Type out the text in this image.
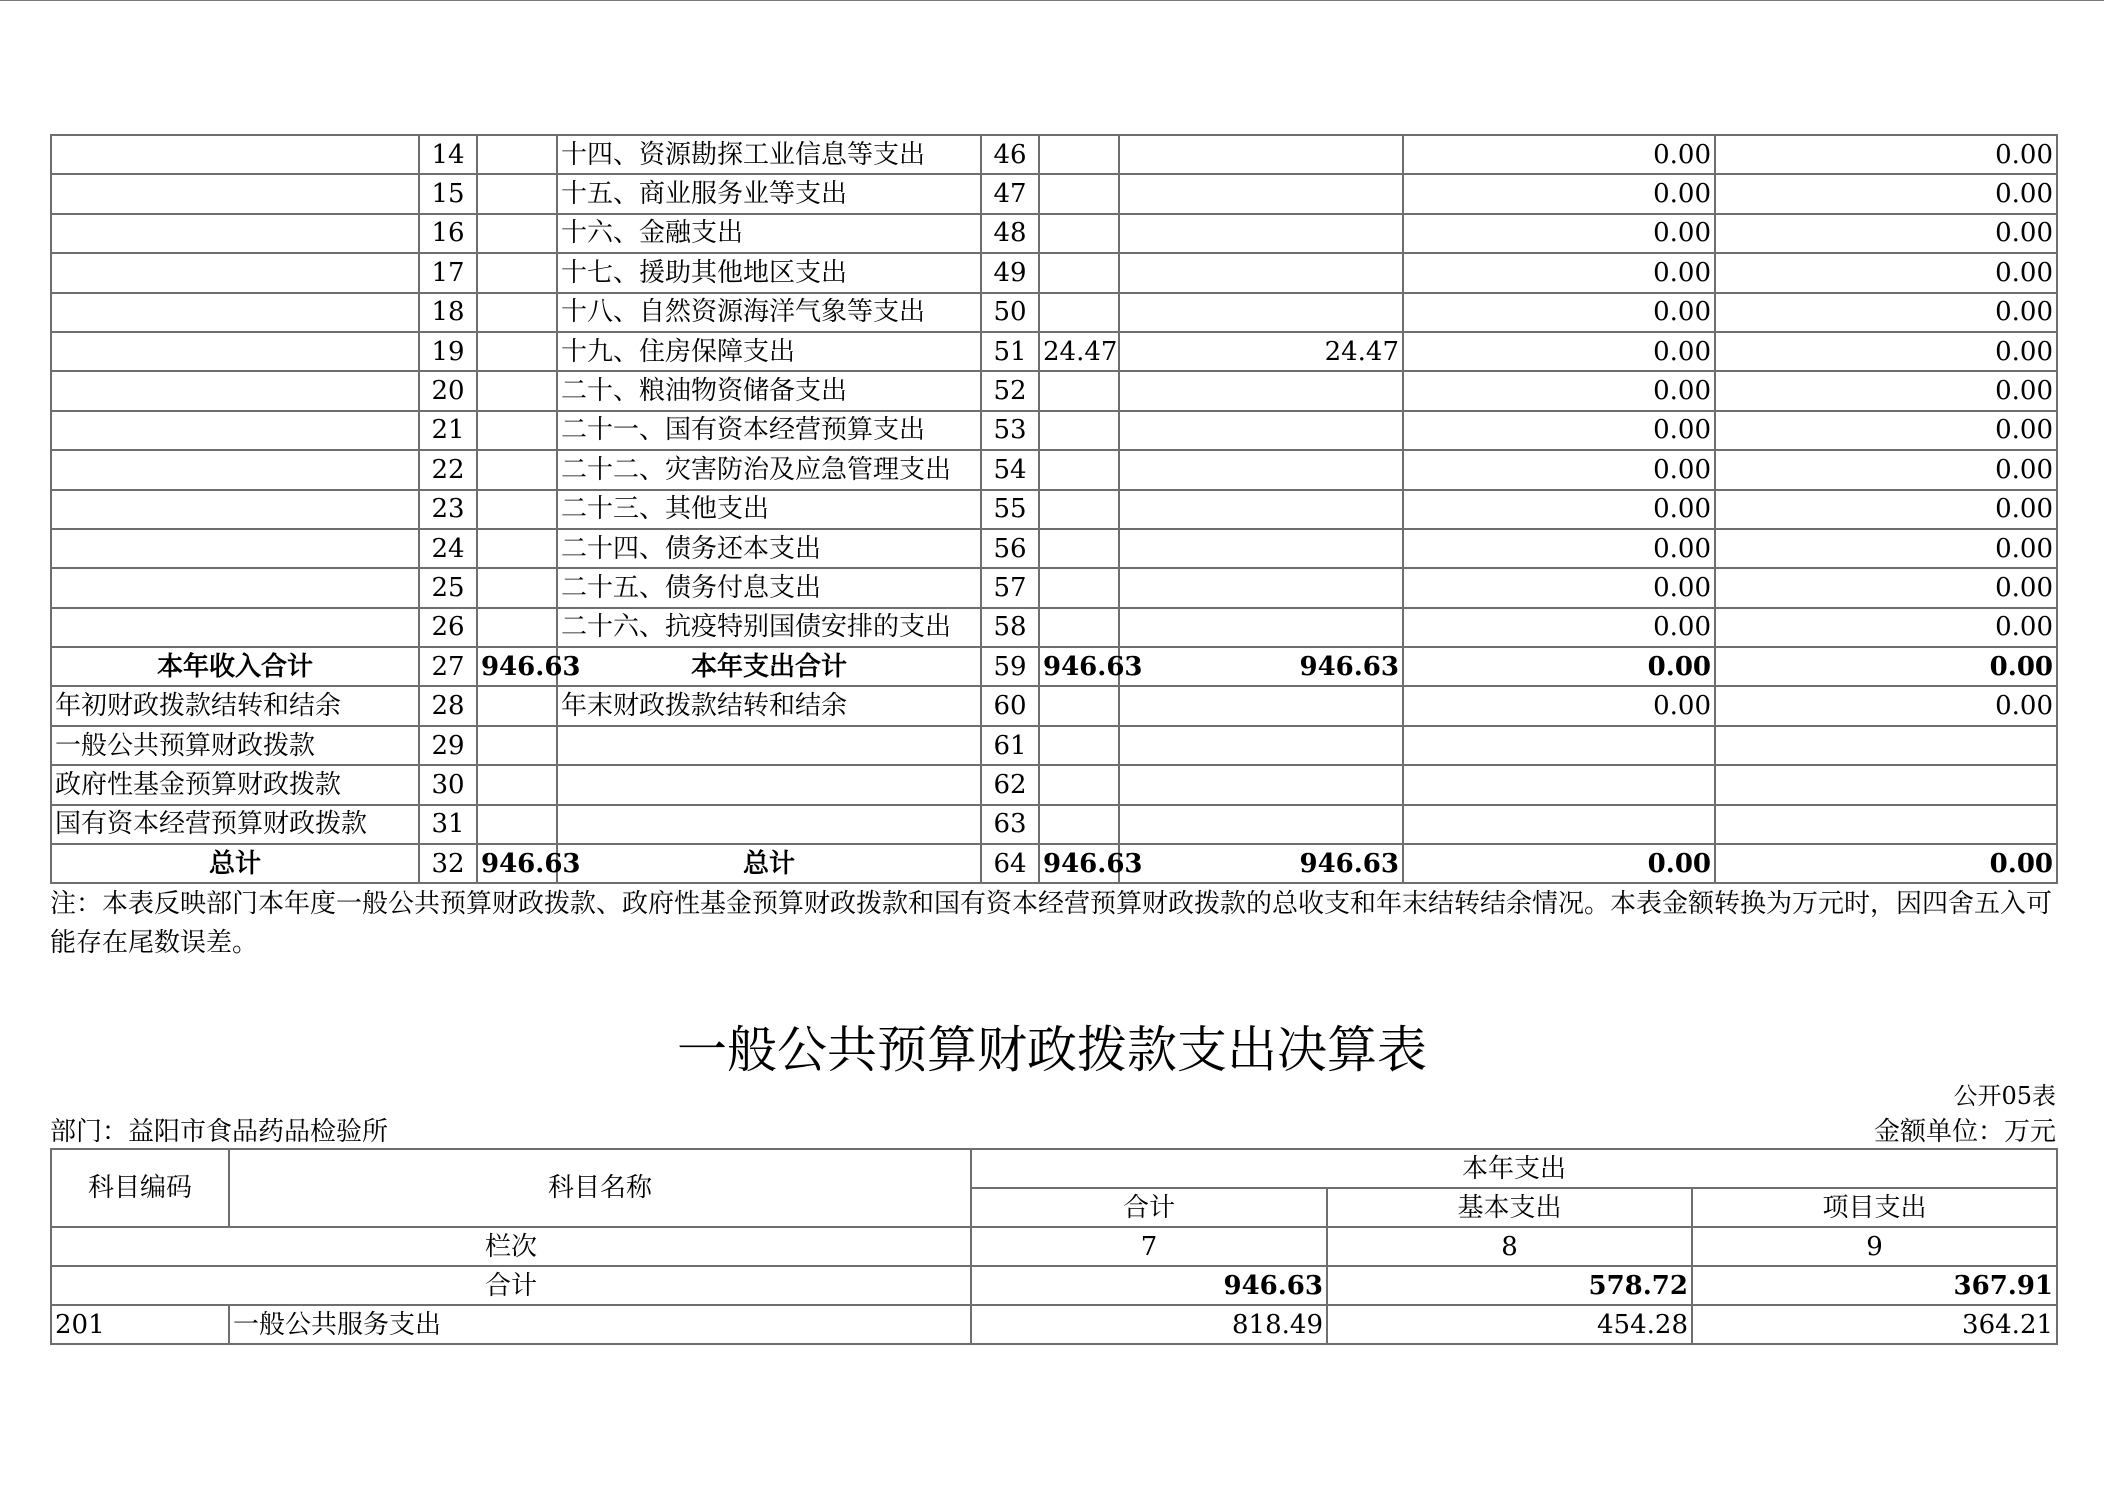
	14		十四、资源勘探工业信息等支出	46			0.00	0.00
	15		十五、商业服务业等支出	47			0.00	0.00
	16		十六、金融支出	48			0.00	0.00
	17		十七、援助其他地区支出	49			0.00	0.00
	18		十八、自然资源海洋气象等支出	50			0.00	0.00
	19		十九、住房保障支出	51	24.47	24.47	0.00	0.00
	20		二十、粮油物资储备支出	52			0.00	0.00
	21		二十一、国有资本经营预算支出	53			0.00	0.00
	22		二十二、灾害防治及应急管理支出	54			0.00	0.00
	23		二十三、其他支出	55			0.00	0.00
	24		二十四、债务还本支出	56			0.00	0.00
	25		二十五、债务付息支出	57			0.00	0.00
	26		二十六、抗疫特别国债安排的支出	58			0.00	0.00
本年收入合计	27	946.63	本年支出合计	59	946.63	946.63	0.00	0.00
年初财政拨款结转和结余	28		年末财政拨款结转和结余	60			0.00	0.00
一般公共预算财政拨款	29			61				
政府性基金预算财政拨款	30			62				
国有资本经营预算财政拨款	31			63				
总计	32	946.63	总计	64	946.63	946.63	0.00	0.00
注：本表反映部门本年度一般公共预算财政拨款、政府性基金预算财政拨款和国有资本经营预算财政拨款的总收支和年末结转结余情况。本表金额转换为万元时，因四舍五入可能存在尾数误差。
一般公共预算财政拨款支出决算表
公开05表
部门：益阳市食品药品检验所	金额单位：万元
科目编码	科目名称	本年支出		
		合计	基本支出	项目支出
栏次		7	8	9
合计		946.63	578.72	367.91
201	一般公共服务支出	818.49	454.28	364.21
